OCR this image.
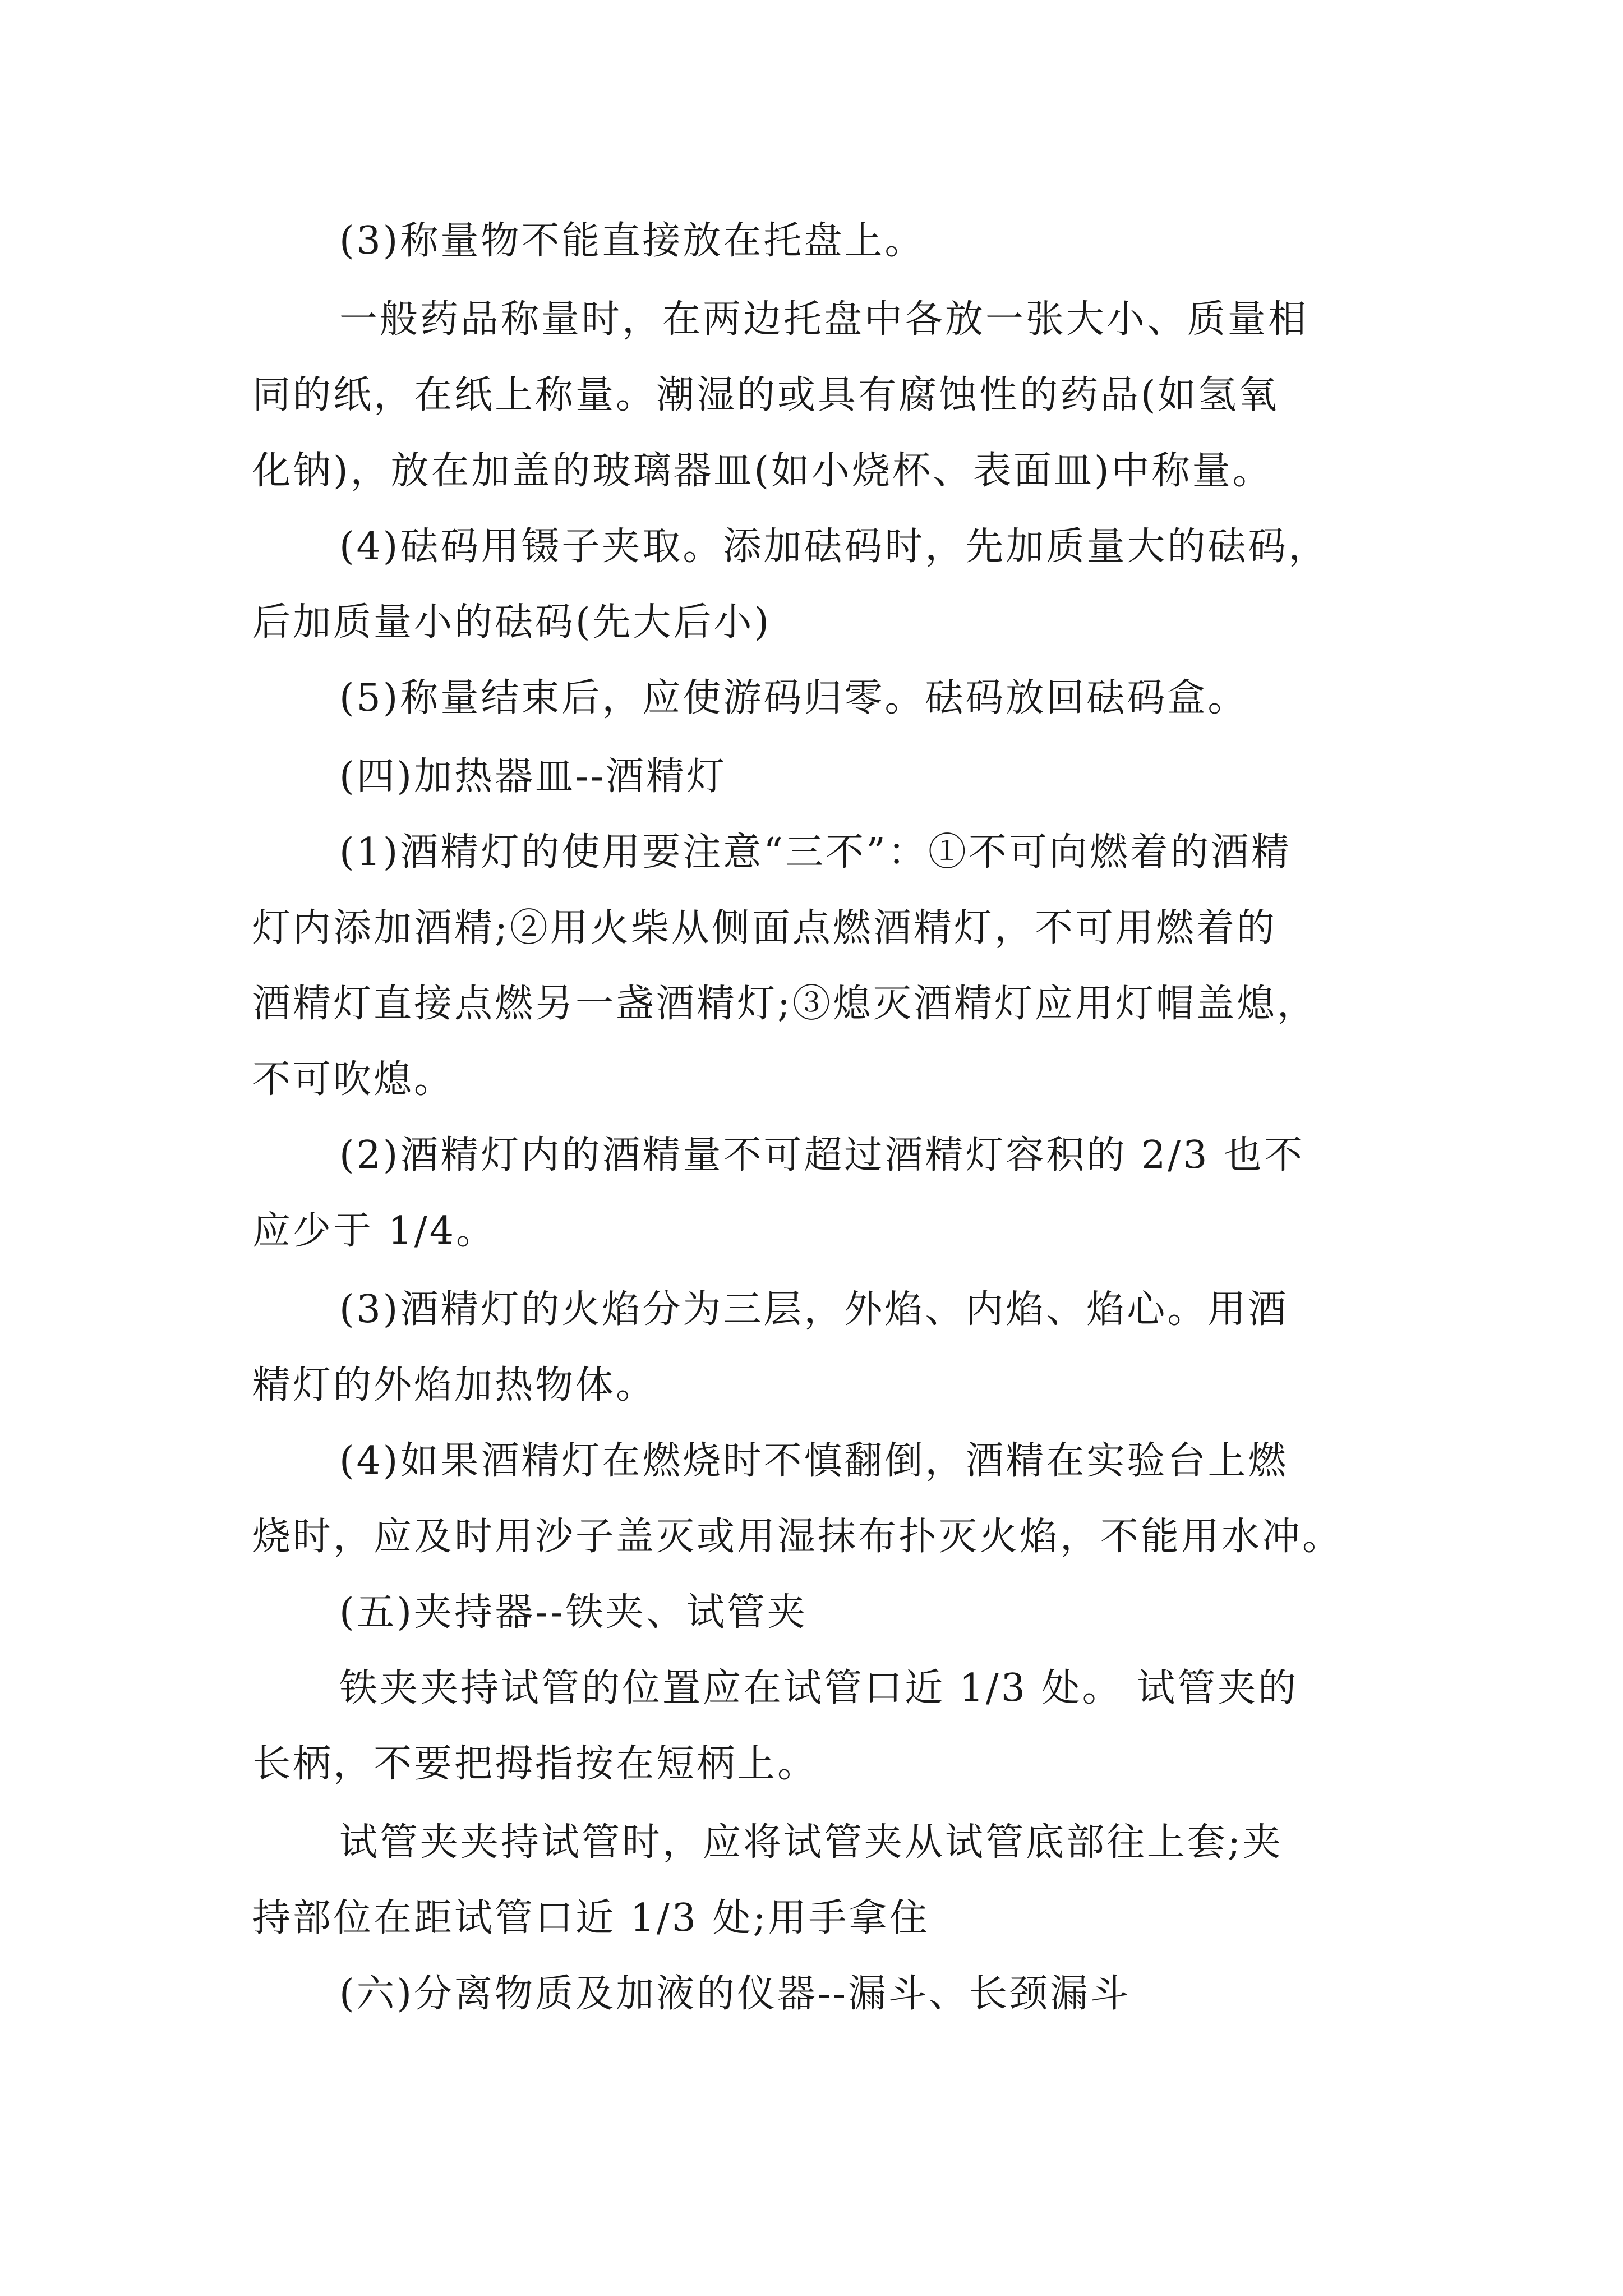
(3)称量物不能直接放在托盘上。
一般药品称量时，在两边托盘中各放一张大小、质量相
同的纸，在纸上称量。潮湿的或具有腐蚀性的药品(如氢氧
化钠)，放在加盖的玻璃器皿(如小烧杯、表面皿)中称量。
(4)砝码用镊子夹取。添加砝码时，先加质量大的砝码，
后加质量小的砝码(先大后小)
(5)称量结束后，应使游码归零。砝码放回砝码盒。
(四)加热器皿--酒精灯
(1)酒精灯的使用要注意“三不”：①不可向燃着的酒精
灯内添加酒精;②用火柴从侧面点燃酒精灯，不可用燃着的
酒精灯直接点燃另一盏酒精灯;③熄灭酒精灯应用灯帽盖熄，
不可吹熄。
(2)酒精灯内的酒精量不可超过酒精灯容积的 2/3 也不
应少于 1/4。
(3)酒精灯的火焰分为三层，外焰、内焰、焰心。用酒
精灯的外焰加热物体。
(4)如果酒精灯在燃烧时不慎翻倒，酒精在实验台上燃
烧时，应及时用沙子盖灭或用湿抹布扑灭火焰，不能用水冲。
(五)夹持器--铁夹、试管夹
铁夹夹持试管的位置应在试管口近 1/3 处。 试管夹的
长柄，不要把拇指按在短柄上。
试管夹夹持试管时，应将试管夹从试管底部往上套;夹
持部位在距试管口近 1/3 处;用手拿住
(六)分离物质及加液的仪器--漏斗、长颈漏斗
